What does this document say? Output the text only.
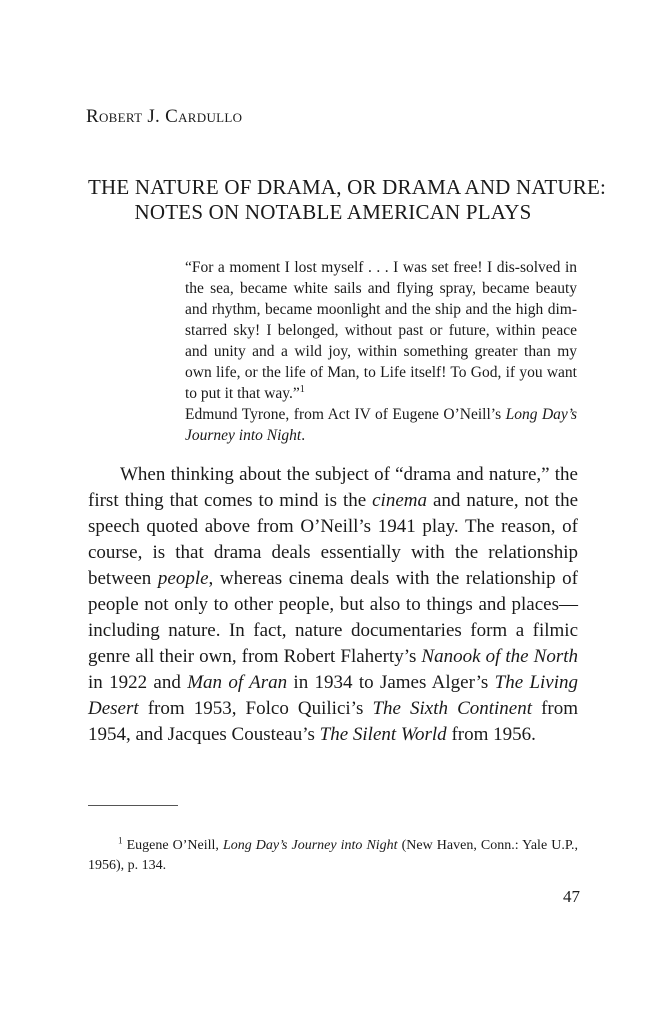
Robert J. Cardullo
THE NATURE OF DRAMA, OR DRAMA AND NATURE:
NOTES ON NOTABLE AMERICAN PLAYS

“For a moment I lost myself . . . I was set free! I dis-solved in the sea, became white sails and flying spray, became beauty and rhythm, became moonlight and the ship and the high dim-starred sky! I belonged, without past or future, within peace and unity and a wild joy, within something greater than my own life, or the life of Man, to Life itself! To God, if you want to put it that way.”$^1$

Edmund Tyrone, from Act IV of Eugene O’Neill’s Long Day’s Journey into Night.

When thinking about the subject of “drama and nature,” the first thing that comes to mind is the cinema and nature, not the speech quoted above from O’Neill’s 1941 play. The reason, of course, is that drama deals essentially with the relationship between people, whereas cinema deals with the relationship of people not only to other people, but also to things and places—including nature. In fact, nature documentaries form a filmic genre all their own, from Robert Flaherty’s Nanook of the North in 1922 and Man of Aran in 1934 to James Alger’s The Living Desert from 1953, Folco Quilici’s The Sixth Continent from 1954, and Jacques Cousteau’s The Silent World from 1956.

$^1$ Eugene O’Neill, Long Day’s Journey into Night (New Haven, Conn.: Yale U.P., 1956), p. 134.

47
